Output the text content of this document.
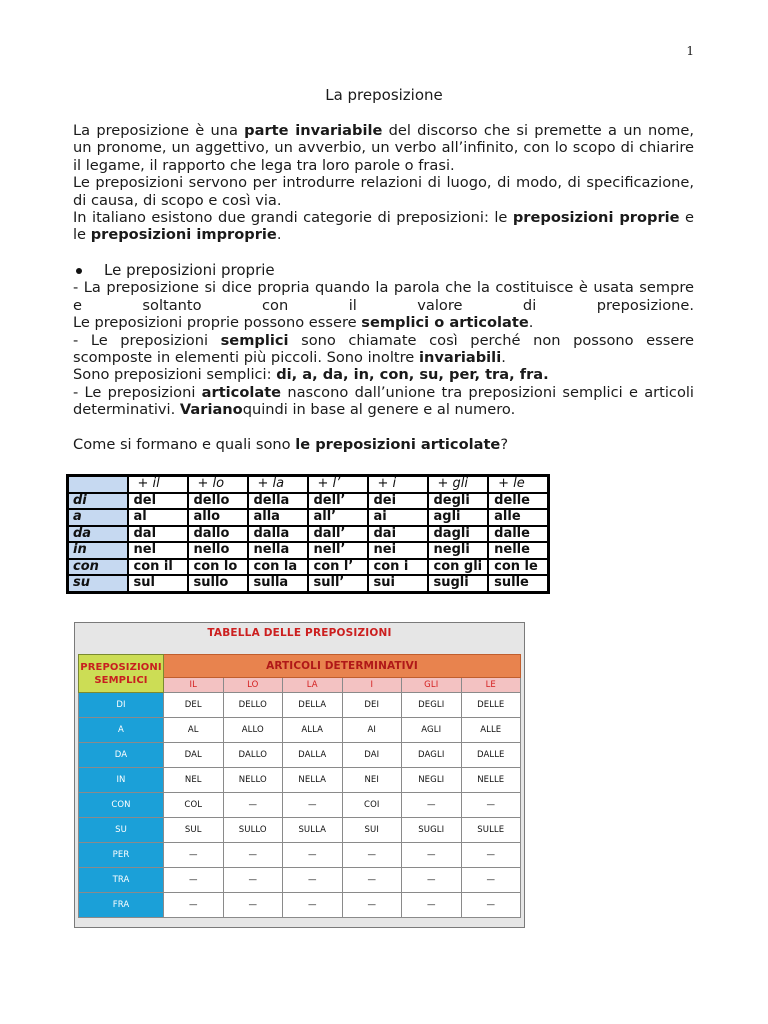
1
La preposizione

La preposizione è una parte invariabile del discorso che si premette a un nome, un pronome, un aggettivo, un avverbio, un verbo all’infinito, con lo scopo di chiarire il legame, il rapporto che lega tra loro parole o frasi.

Le preposizioni servono per introdurre relazioni di luogo, di modo, di specificazione, di causa, di scopo e così via.

In italiano esistono due grandi categorie di preposizioni: le preposizioni proprie e le preposizioni improprie.

Le preposizioni proprie

- La preposizione si dice propria quando la parola che la costituisce è usata sempre e soltanto con il valore di preposizione.

Le preposizioni proprie possono essere semplici o articolate.

- Le preposizioni semplici sono chiamate così perché non possono essere scomposte in elementi più piccoli. Sono inoltre invariabili.

Sono preposizioni semplici: di, a, da, in, con, su, per, tra, fra.

- Le preposizioni articolate nascono dall’unione tra preposizioni semplici e articoli determinativi. Varianoquindi in base al genere e al numero.

Come si formano e quali sono le preposizioni articolate?

	+ il	+ lo	+ la	+ l’	+ i	+ gli	+ le
di	del	dello	della	dell’	dei	degli	delle
a	al	allo	alla	all’	ai	agli	alle
da	dal	dallo	dalla	dall’	dai	dagli	dalle
in	nel	nello	nella	nell’	nei	negli	nelle
con	con il	con lo	con la	con l’	con i	con gli	con le
su	sul	sullo	sulla	sull’	sui	sugli	sulle
TABELLA DELLE PREPOSIZIONI
PREPOSIZIONI
SEMPLICI	ARTICOLI DETERMINATIVI					
	IL	LO	LA	I	GLI	LE
DI	DEL	DELLO	DELLA	DEI	DEGLI	DELLE
A	AL	ALLO	ALLA	AI	AGLI	ALLE
DA	DAL	DALLO	DALLA	DAI	DAGLI	DALLE
IN	NEL	NELLO	NELLA	NEI	NEGLI	NELLE
CON	COL	—	—	COI	—	—
SU	SUL	SULLO	SULLA	SUI	SUGLI	SULLE
PER	—	—	—	—	—	—
TRA	—	—	—	—	—	—
FRA	—	—	—	—	—	—
